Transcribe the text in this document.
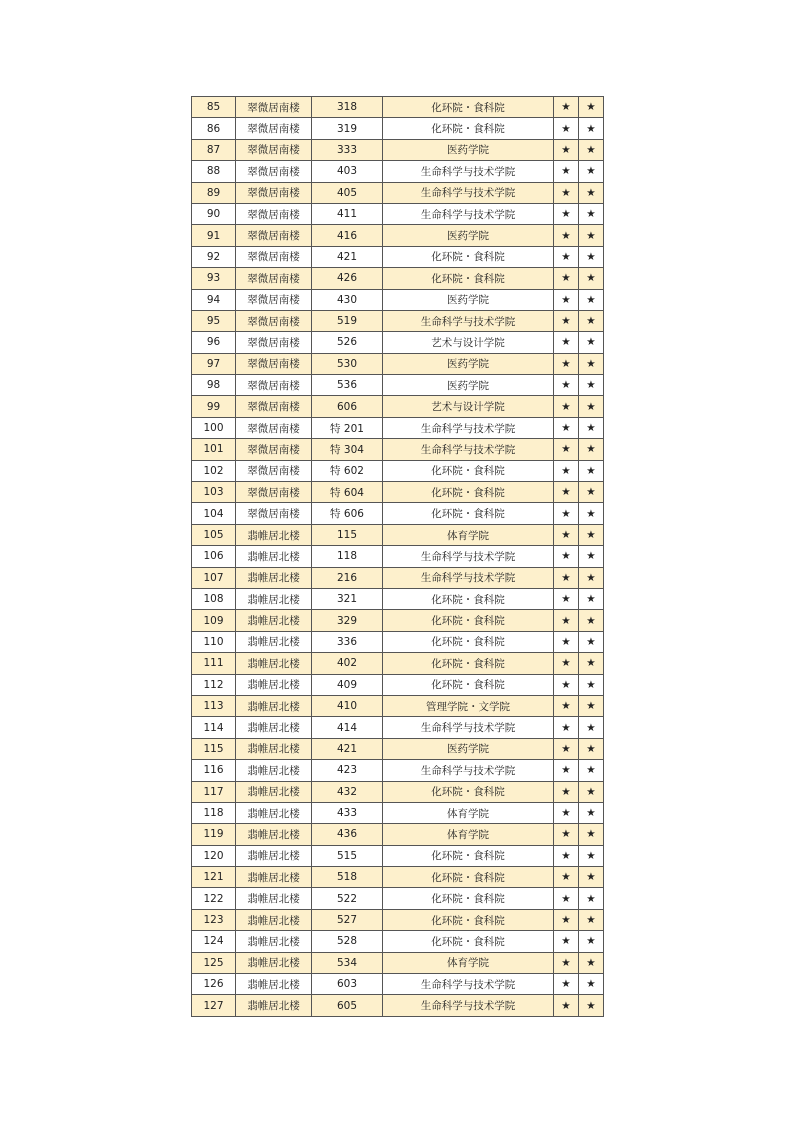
85	翠微居南楼	318	化环院・食科院	★	★
86	翠微居南楼	319	化环院・食科院	★	★
87	翠微居南楼	333	医药学院	★	★
88	翠微居南楼	403	生命科学与技术学院	★	★
89	翠微居南楼	405	生命科学与技术学院	★	★
90	翠微居南楼	411	生命科学与技术学院	★	★
91	翠微居南楼	416	医药学院	★	★
92	翠微居南楼	421	化环院・食科院	★	★
93	翠微居南楼	426	化环院・食科院	★	★
94	翠微居南楼	430	医药学院	★	★
95	翠微居南楼	519	生命科学与技术学院	★	★
96	翠微居南楼	526	艺术与设计学院	★	★
97	翠微居南楼	530	医药学院	★	★
98	翠微居南楼	536	医药学院	★	★
99	翠微居南楼	606	艺术与设计学院	★	★
100	翠微居南楼	特 201	生命科学与技术学院	★	★
101	翠微居南楼	特 304	生命科学与技术学院	★	★
102	翠微居南楼	特 602	化环院・食科院	★	★
103	翠微居南楼	特 604	化环院・食科院	★	★
104	翠微居南楼	特 606	化环院・食科院	★	★
105	翡帷居北楼	115	体育学院	★	★
106	翡帷居北楼	118	生命科学与技术学院	★	★
107	翡帷居北楼	216	生命科学与技术学院	★	★
108	翡帷居北楼	321	化环院・食科院	★	★
109	翡帷居北楼	329	化环院・食科院	★	★
110	翡帷居北楼	336	化环院・食科院	★	★
111	翡帷居北楼	402	化环院・食科院	★	★
112	翡帷居北楼	409	化环院・食科院	★	★
113	翡帷居北楼	410	管理学院・文学院	★	★
114	翡帷居北楼	414	生命科学与技术学院	★	★
115	翡帷居北楼	421	医药学院	★	★
116	翡帷居北楼	423	生命科学与技术学院	★	★
117	翡帷居北楼	432	化环院・食科院	★	★
118	翡帷居北楼	433	体育学院	★	★
119	翡帷居北楼	436	体育学院	★	★
120	翡帷居北楼	515	化环院・食科院	★	★
121	翡帷居北楼	518	化环院・食科院	★	★
122	翡帷居北楼	522	化环院・食科院	★	★
123	翡帷居北楼	527	化环院・食科院	★	★
124	翡帷居北楼	528	化环院・食科院	★	★
125	翡帷居北楼	534	体育学院	★	★
126	翡帷居北楼	603	生命科学与技术学院	★	★
127	翡帷居北楼	605	生命科学与技术学院	★	★
